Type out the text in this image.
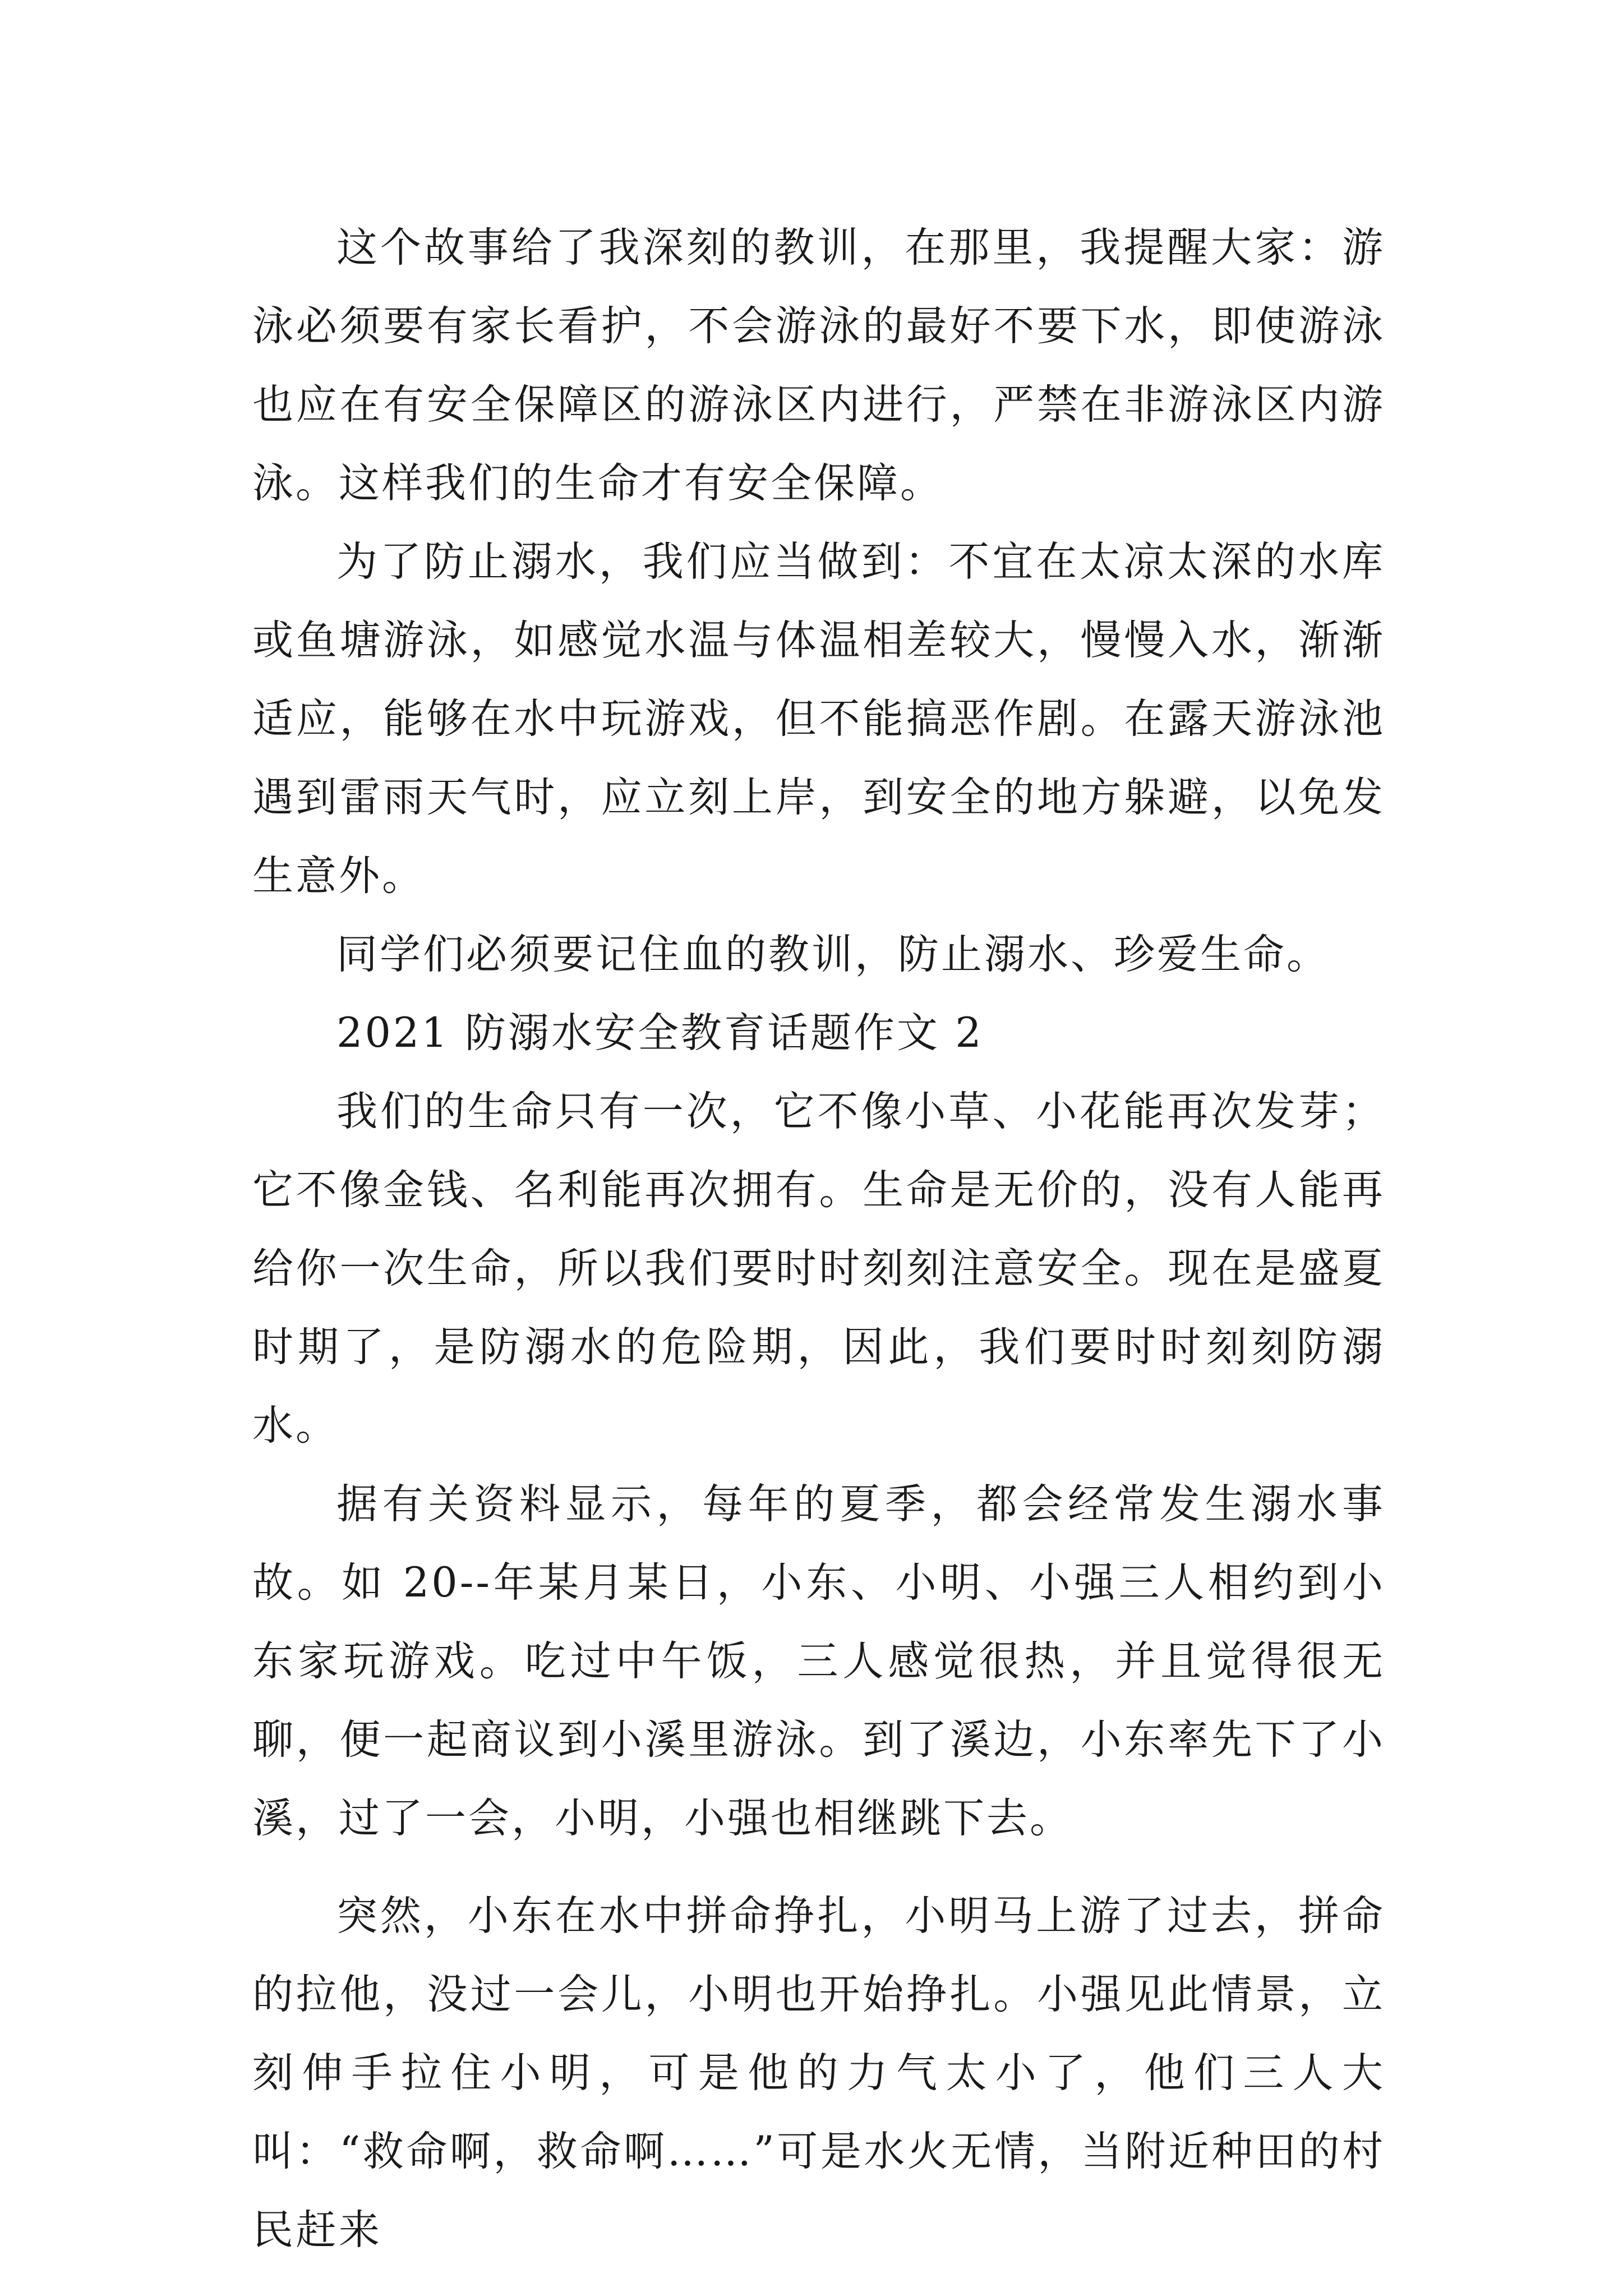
这个故事给了我深刻的教训，在那里，我提醒大家：游泳必须要有家长看护，不会游泳的最好不要下水，即使游泳也应在有安全保障区的游泳区内进行，严禁在非游泳区内游泳。这样我们的生命才有安全保障。

为了防止溺水，我们应当做到：不宜在太凉太深的水库或鱼塘游泳，如感觉水温与体温相差较大，慢慢入水，渐渐适应，能够在水中玩游戏，但不能搞恶作剧。在露天游泳池遇到雷雨天气时，应立刻上岸，到安全的地方躲避，以免发生意外。

同学们必须要记住血的教训，防止溺水、珍爱生命。

2021 防溺水安全教育话题作文 2

我们的生命只有一次，它不像小草、小花能再次发芽；它不像金钱、名利能再次拥有。生命是无价的，没有人能再给你一次生命，所以我们要时时刻刻注意安全。现在是盛夏时期了，是防溺水的危险期，因此，我们要时时刻刻防溺水。

据有关资料显示，每年的夏季，都会经常发生溺水事故。如 20--年某月某日，小东、小明、小强三人相约到小东家玩游戏。吃过中午饭，三人感觉很热，并且觉得很无聊，便一起商议到小溪里游泳。到了溪边，小东率先下了小溪，过了一会，小明，小强也相继跳下去。

突然，小东在水中拼命挣扎，小明马上游了过去，拼命的拉他，没过一会儿，小明也开始挣扎。小强见此情景，立刻伸手拉住小明，可是他的力气太小了，他们三人大叫：“救命啊，救命啊……”可是水火无情，当附近种田的村民赶来
